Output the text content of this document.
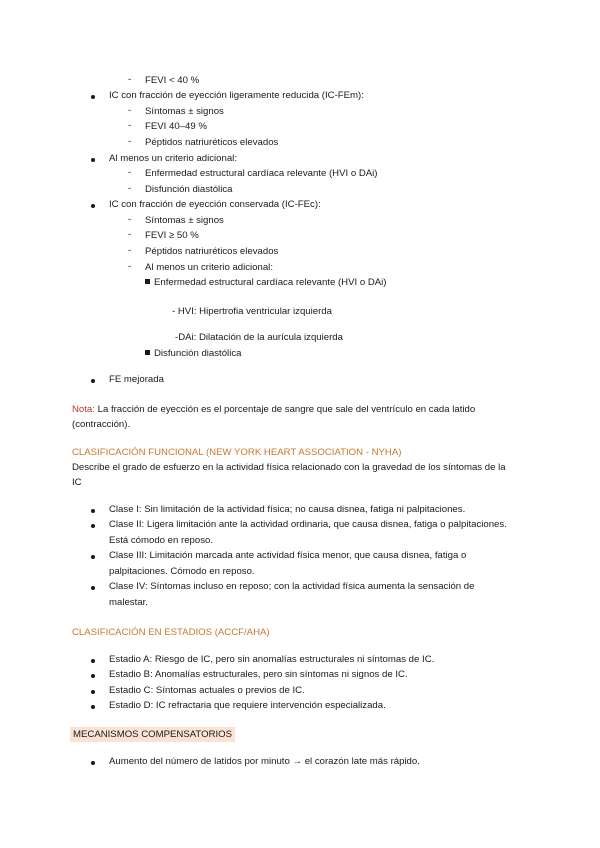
- FEVI < 40 %
IC con fracción de eyección ligeramente reducida (IC-FEm):
- Síntomas ± signos
- FEVI 40–49 %
- Péptidos natriuréticos elevados
Al menos un criterio adicional:
- Enfermedad estructural cardíaca relevante (HVI o DAi)
- Disfunción diastólica
IC con fracción de eyección conservada (IC-FEc):
- Síntomas ± signos
- FEVI ≥ 50 %
- Péptidos natriuréticos elevados
- Al menos un criterio adicional:
Enfermedad estructural cardíaca relevante (HVI o DAi)
- HVI: Hipertrofia ventricular izquierda
-DAi: Dilatación de la aurícula izquierda
Disfunción diastólica
FE mejorada
Nota: La fracción de eyección es el porcentaje de sangre que sale del ventrículo en cada latido
(contracción).
CLASIFICACIÓN FUNCIONAL (NEW YORK HEART ASSOCIATION - NYHA)
Describe el grado de esfuerzo en la actividad física relacionado con la gravedad de los síntomas de la
IC
Clase I: Sin limitación de la actividad física; no causa disnea, fatiga ni palpitaciones.
Clase II: Ligera limitación ante la actividad ordinaria, que causa disnea, fatiga o palpitaciones.
Está cómodo en reposo.
Clase III: Limitación marcada ante actividad física menor, que causa disnea, fatiga o
palpitaciones. Cómodo en reposo.
Clase IV: Síntomas incluso en reposo; con la actividad física aumenta la sensación de
malestar.
CLASIFICACIÓN EN ESTADIOS (ACCF/AHA)
Estadio A: Riesgo de IC, pero sin anomalías estructurales ni síntomas de IC.
Estadio B: Anomalías estructurales, pero sin síntomas ni signos de IC.
Estadio C: Síntomas actuales o previos de IC.
Estadio D: IC refractaria que requiere intervención especializada.
MECANISMOS COMPENSATORIOS
Aumento del número de latidos por minuto → el corazón late más rápido.
